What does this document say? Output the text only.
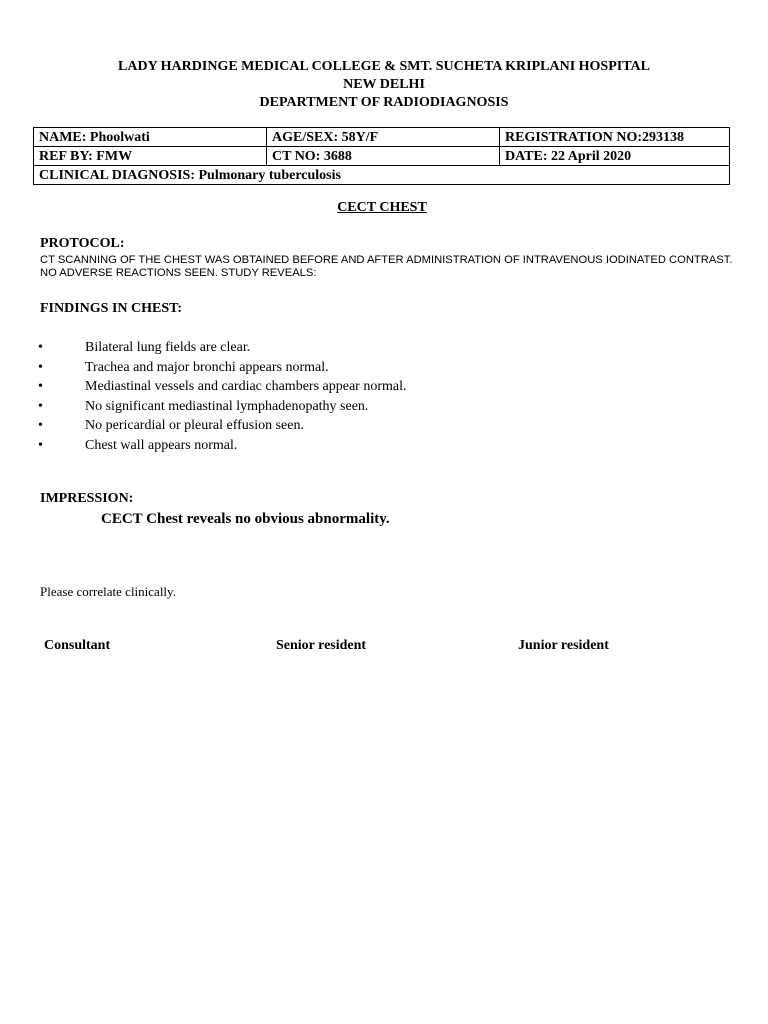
LADY HARDINGE MEDICAL COLLEGE & SMT. SUCHETA KRIPLANI HOSPITAL
NEW DELHI
DEPARTMENT OF RADIODIAGNOSIS
NAME: Phoolwati	AGE/SEX: 58Y/F	REGISTRATION NO:293138
REF BY: FMW	CT NO: 3688	DATE: 22 April 2020
CLINICAL DIAGNOSIS: Pulmonary tuberculosis		
CECT CHEST
PROTOCOL:
CT SCANNING OF THE CHEST WAS OBTAINED BEFORE AND AFTER ADMINISTRATION OF INTRAVENOUS IODINATED CONTRAST. NO ADVERSE REACTIONS SEEN. STUDY REVEALS:
FINDINGS IN CHEST:
•	Bilateral lung fields are clear.
•	Trachea and major bronchi appears normal.
•	Mediastinal vessels and cardiac chambers appear normal.
•	No significant mediastinal lymphadenopathy seen.
•	No pericardial or pleural effusion seen.
•	Chest wall appears normal.
IMPRESSION:
CECT Chest reveals no obvious abnormality.
Please correlate clinically.
Consultant	Senior resident	Junior resident
